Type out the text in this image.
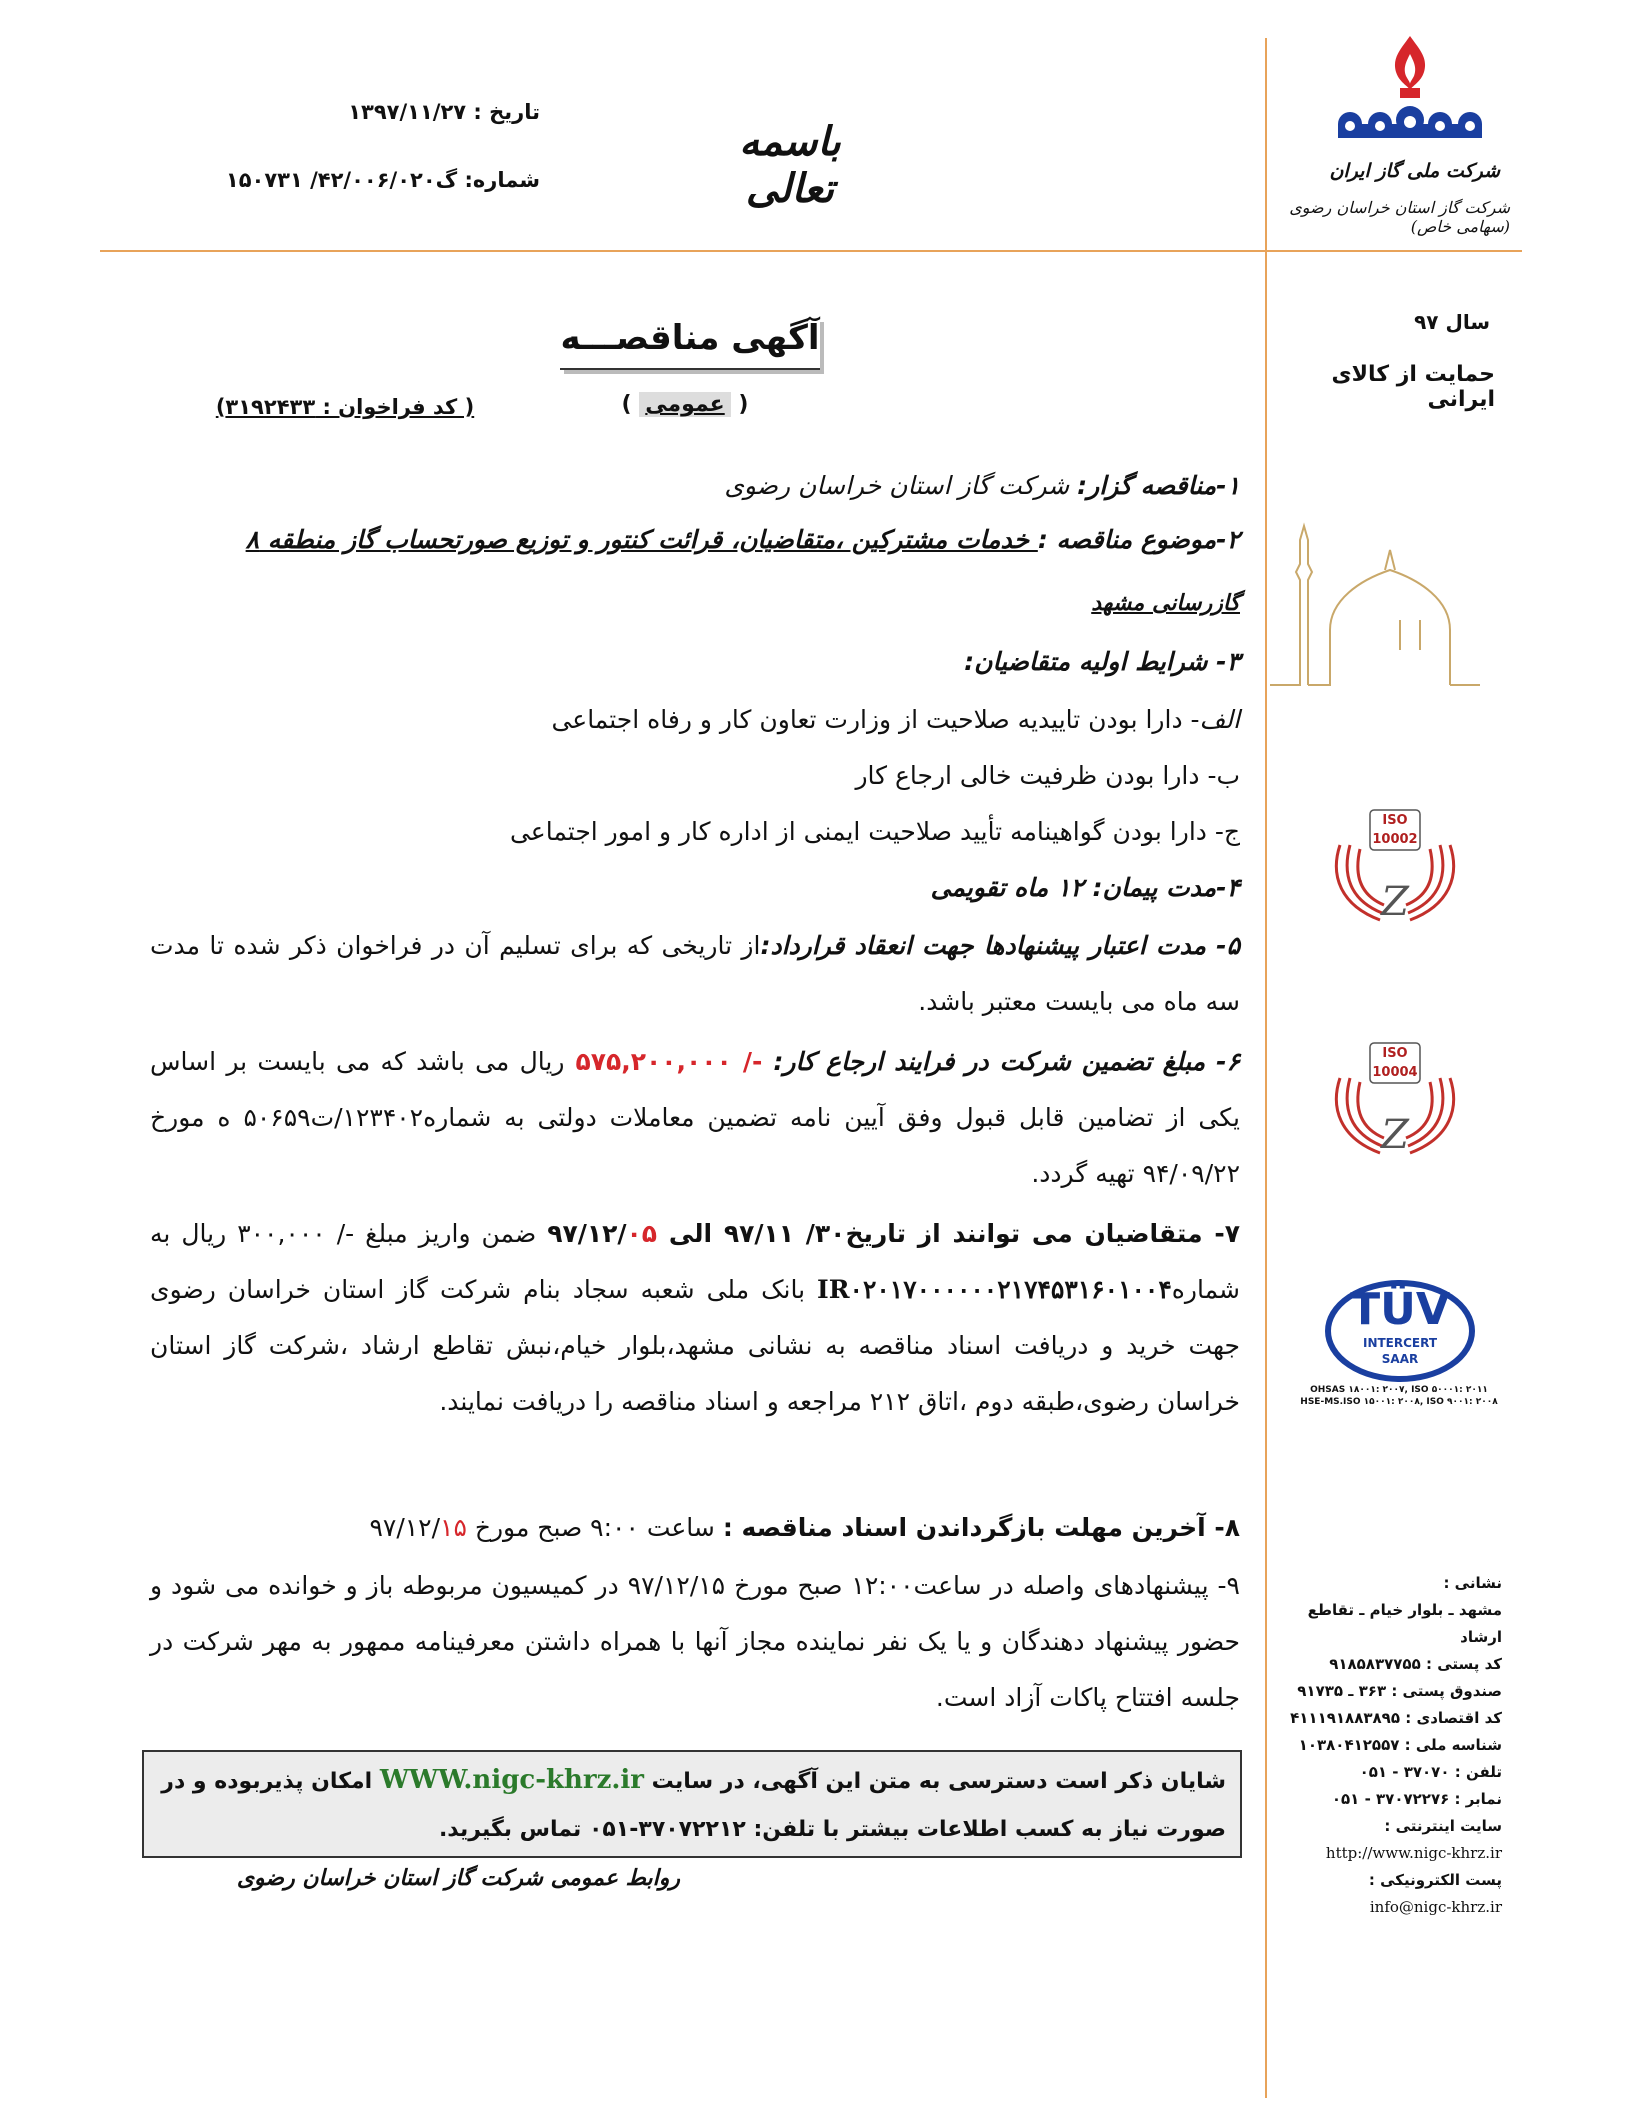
تاریخ : ۱۳۹۷/۱۱/۲۷
شماره: گ۴۲/۰۰۶/۰۲۰/ ۱۵۰۷۳۱
باسمه تعالی	شرکت ملی گاز ایران
شرکت گاز استان خراسان رضوی (سهامی خاص)
آگهی مناقصـــه
( عمومی )
( کد فراخوان : ۳۱۹۲۴۳۳)
۱-مناقصه گزار: شرکت گاز استان خراسان رضوی
۲-موضوع مناقصه : خدمات مشترکین ،متقاضیان، قرائت کنتور و توزیع صورتحساب گاز منطقه ۸
گازرسانی مشهد
۳- شرایط اولیه متقاضیان:
الف- دارا بودن تاییدیه صلاحیت از وزارت تعاون کار و رفاه اجتماعی
ب- دارا بودن ظرفیت خالی ارجاع کار
ج- دارا بودن گواهینامه تأیید صلاحیت ایمنی از اداره کار و امور اجتماعی
۴-مدت پیمان: ۱۲ ماه تقویمی
۵- مدت اعتبار پیشنهادها جهت انعقاد قرارداد:از تاریخی که برای تسلیم آن در فراخوان ذکر شده تا مدت سه ماه می بایست معتبر باشد.
۶- مبلغ تضمین شرکت در فرایند ارجاع کار: -/ ۵۷۵,۲۰۰,۰۰۰ ریال می باشد که می بایست بر اساس یکی از تضامین قابل قبول وفق آیین نامه تضمین معاملات دولتی به شماره۱۲۳۴۰۲/ت۵۰۶۵۹ ه مورخ ۹۴/۰۹/۲۲ تهیه گردد.
۷- متقاضیان می توانند از تاریخ۳۰/ ۹۷/۱۱ الی ۹۷/۱۲/۰۵ ضمن واریز مبلغ -/ ۳۰۰,۰۰۰ ریال به شمارهIR۰۲۰۱۷۰۰۰۰۰۰۲۱۷۴۵۳۱۶۰۱۰۰۴ بانک ملی شعبه سجاد بنام شرکت گاز استان خراسان رضوی جهت خرید و دریافت اسناد مناقصه به نشانی مشهد،بلوار خیام،نبش تقاطع ارشاد ،شرکت گاز استان خراسان رضوی،طبقه دوم ،اتاق ۲۱۲ مراجعه و اسناد مناقصه را دریافت نمایند.
۸- آخرین مهلت بازگرداندن اسناد مناقصه : ساعت ۹:۰۰ صبح مورخ ۹۷/۱۲/۱۵
۹- پیشنهادهای واصله در ساعت۱۲:۰۰ صبح مورخ ۹۷/۱۲/۱۵ در کمیسیون مربوطه باز و خوانده می شود و حضور پیشنهاد دهندگان و یا یک نفر نماینده مجاز آنها با همراه داشتن معرفینامه ممهور به مهر شرکت در جلسه افتتاح پاکات آزاد است.
شایان ذکر است دسترسی به متن این آگهی، در سایت WWW.nigc-khrz.ir امکان پذیربوده و در صورت نیاز به کسب اطلاعات بیشتر با تلفن: ۳۷۰۷۲۲۱۲-۰۵۱ تماس بگیرید.
روابط عمومی شرکت گاز استان خراسان رضوی
سال ۹۷
حمایت از کالای ایرانی
Z
ISO
10002
Z
ISO
10004
TÜV
INTERCERT
SAAR
OHSAS ۱۸۰۰۱: ۲۰۰۷, ISO ۵۰۰۰۱: ۲۰۱۱
HSE-MS.ISO ۱۵۰۰۱: ۲۰۰۸, ISO ۹۰۰۱: ۲۰۰۸
نشانی :
مشهد ـ بلوار خیام ـ تقاطع ارشاد
کد پستی : ۹۱۸۵۸۳۷۷۵۵
صندوق پستی : ۳۶۳ ـ ۹۱۷۳۵
کد اقتصادی : ۴۱۱۱۹۱۸۸۳۸۹۵
شناسه ملی : ۱۰۳۸۰۴۱۲۵۵۷
تلفن : ۳۷۰۷۰ - ۰۵۱
نمابر : ۳۷۰۷۲۲۷۶ - ۰۵۱
سایت اینترنتی :
http://www.nigc-khrz.ir
پست الکترونیکی :
info@nigc-khrz.ir
